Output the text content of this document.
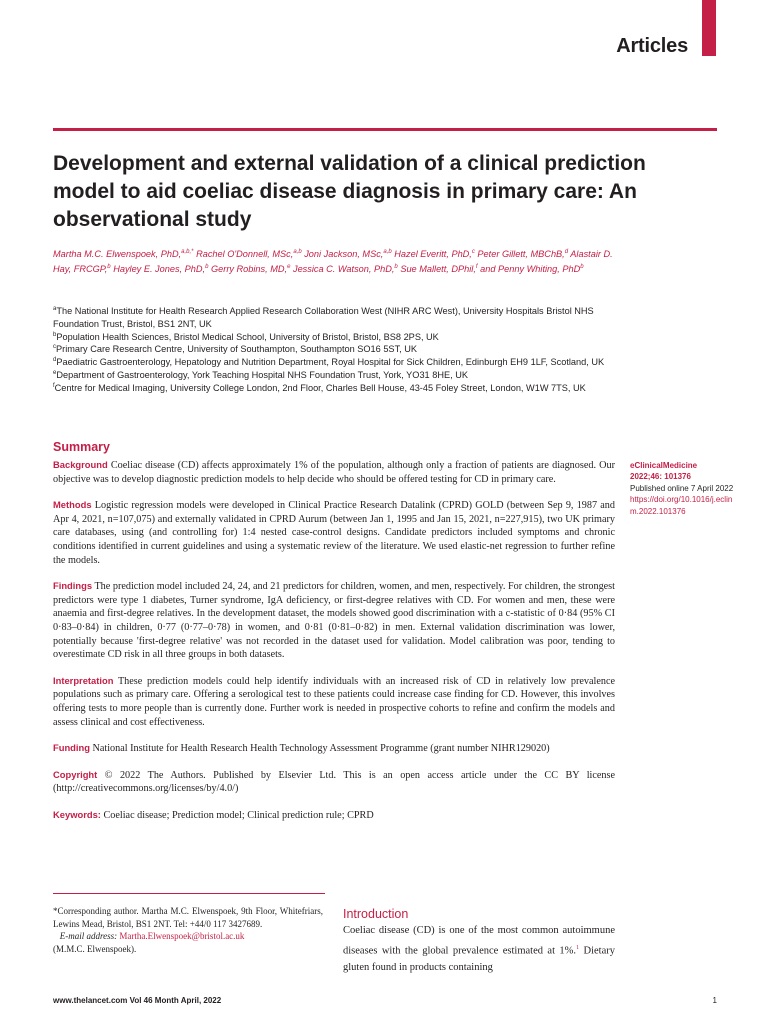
Articles
Development and external validation of a clinical prediction model to aid coeliac disease diagnosis in primary care: An observational study
Martha M.C. Elwenspoek, PhD,$^{a,b,*}$ Rachel O'Donnell, MSc,$^{a,b}$ Joni Jackson, MSc,$^{a,b}$ Hazel Everitt, PhD,$^c$ Peter Gillett, MBChB,$^d$ Alastair D. Hay, FRCGP,$^b$ Hayley E. Jones, PhD,$^b$ Gerry Robins, MD,$^e$ Jessica C. Watson, PhD,$^b$ Sue Mallett, DPhil,$^f$ and Penny Whiting, PhD$^b$
$^a$The National Institute for Health Research Applied Research Collaboration West (NIHR ARC West), University Hospitals Bristol NHS Foundation Trust, Bristol, BS1 2NT, UK
$^b$Population Health Sciences, Bristol Medical School, University of Bristol, Bristol, BS8 2PS, UK
$^c$Primary Care Research Centre, University of Southampton, Southampton SO16 5ST, UK
$^d$Paediatric Gastroenterology, Hepatology and Nutrition Department, Royal Hospital for Sick Children, Edinburgh EH9 1LF, Scotland, UK
$^e$Department of Gastroenterology, York Teaching Hospital NHS Foundation Trust, York, YO31 8HE, UK
$^f$Centre for Medical Imaging, University College London, 2nd Floor, Charles Bell House, 43-45 Foley Street, London, W1W 7TS, UK
Summary

Background Coeliac disease (CD) affects approximately 1% of the population, although only a fraction of patients are diagnosed. Our objective was to develop diagnostic prediction models to help decide who should be offered testing for CD in primary care.

Methods Logistic regression models were developed in Clinical Practice Research Datalink (CPRD) GOLD (between Sep 9, 1987 and Apr 4, 2021, n=107,075) and externally validated in CPRD Aurum (between Jan 1, 1995 and Jan 15, 2021, n=227,915), two UK primary care databases, using (and controlling for) 1:4 nested case-control designs. Candidate predictors included symptoms and chronic conditions identified in current guidelines and using a systematic review of the literature. We used elastic-net regression to further refine the models.

Findings The prediction model included 24, 24, and 21 predictors for children, women, and men, respectively. For children, the strongest predictors were type 1 diabetes, Turner syndrome, IgA deficiency, or first-degree relatives with CD. For women and men, these were anaemia and first-degree relatives. In the development dataset, the models showed good discrimination with a c-statistic of 0·84 (95% CI 0·83–0·84) in children, 0·77 (0·77–0·78) in women, and 0·81 (0·81–0·82) in men. External validation discrimination was lower, potentially because 'first-degree relative' was not recorded in the dataset used for validation. Model calibration was poor, tending to overestimate CD risk in all three groups in both datasets.

Interpretation These prediction models could help identify individuals with an increased risk of CD in relatively low prevalence populations such as primary care. Offering a serological test to these patients could increase case finding for CD. However, this involves offering tests to more people than is currently done. Further work is needed in prospective cohorts to refine and confirm the models and assess clinical and cost effectiveness.

Funding National Institute for Health Research Health Technology Assessment Programme (grant number NIHR129020)

Copyright © 2022 The Authors. Published by Elsevier Ltd. This is an open access article under the CC BY license (http://creativecommons.org/licenses/by/4.0/)

Keywords: Coeliac disease; Prediction model; Clinical prediction rule; CPRD

eClinicalMedicine
2022;46: 101376
Published online 7 April 2022
https://doi.org/10.1016/j.eclinm.2022.101376
*Corresponding author. Martha M.C. Elwenspoek, 9th Floor, Whitefriars, Lewins Mead, Bristol, BS1 2NT. Tel: +44/0 117 3427689.
E-mail address: Martha.Elwenspoek@bristol.ac.uk
(M.M.C. Elwenspoek).
Introduction
Coeliac disease (CD) is one of the most common autoimmune diseases with the global prevalence estimated at 1%.$^1$ Dietary gluten found in products containing
www.thelancet.com Vol 46 Month April, 2022	1
